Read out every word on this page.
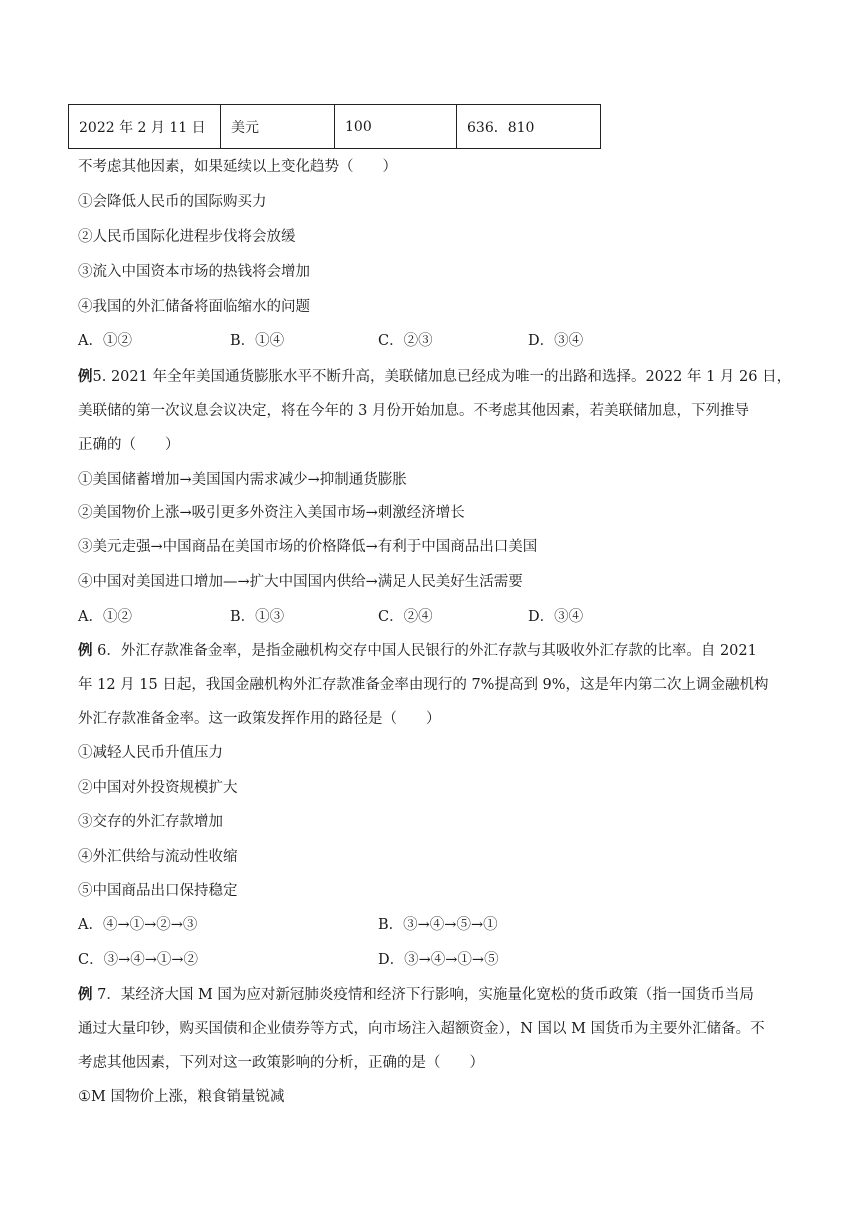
2022 年 2 月 11 日	美元	100	636．810
不考虑其他因素，如果延续以上变化趋势（　　）
①会降低人民币的国际购买力
②人民币国际化进程步伐将会放缓
③流入中国资本市场的热钱将会增加
④我国的外汇储备将面临缩水的问题
A．①②	B．①④	C．②③	D．③④
例5. 2021 年全年美国通货膨胀水平不断升高，美联储加息已经成为唯一的出路和选择。2022 年 1 月 26 日，
美联储的第一次议息会议决定，将在今年的 3 月份开始加息。不考虑其他因素，若美联储加息，下列推导
正确的（　　）
①美国储蓄增加→美国国内需求减少→抑制通货膨胀
②美国物价上涨→吸引更多外资注入美国市场→刺激经济增长
③美元走强→中国商品在美国市场的价格降低→有利于中国商品出口美国
④中国对美国进口增加—→扩大中国国内供给→满足人民美好生活需要
A．①②	B．①③	C．②④	D．③④
例 6．外汇存款准备金率，是指金融机构交存中国人民银行的外汇存款与其吸收外汇存款的比率。自 2021
年 12 月 15 日起，我国金融机构外汇存款准备金率由现行的 7%提高到 9%，这是年内第二次上调金融机构
外汇存款准备金率。这一政策发挥作用的路径是（　　）
①减轻人民币升值压力
②中国对外投资规模扩大
③交存的外汇存款增加
④外汇供给与流动性收缩
⑤中国商品出口保持稳定
A．④→①→②→③	B．③→④→⑤→①
C．③→④→①→②	D．③→④→①→⑤
例 7．某经济大国 M 国为应对新冠肺炎疫情和经济下行影响，实施量化宽松的货币政策（指一国货币当局
通过大量印钞，购买国债和企业债券等方式，向市场注入超额资金），N 国以 M 国货币为主要外汇储备。不
考虑其他因素，下列对这一政策影响的分析，正确的是（　　）
①M 国物价上涨，粮食销量锐减
